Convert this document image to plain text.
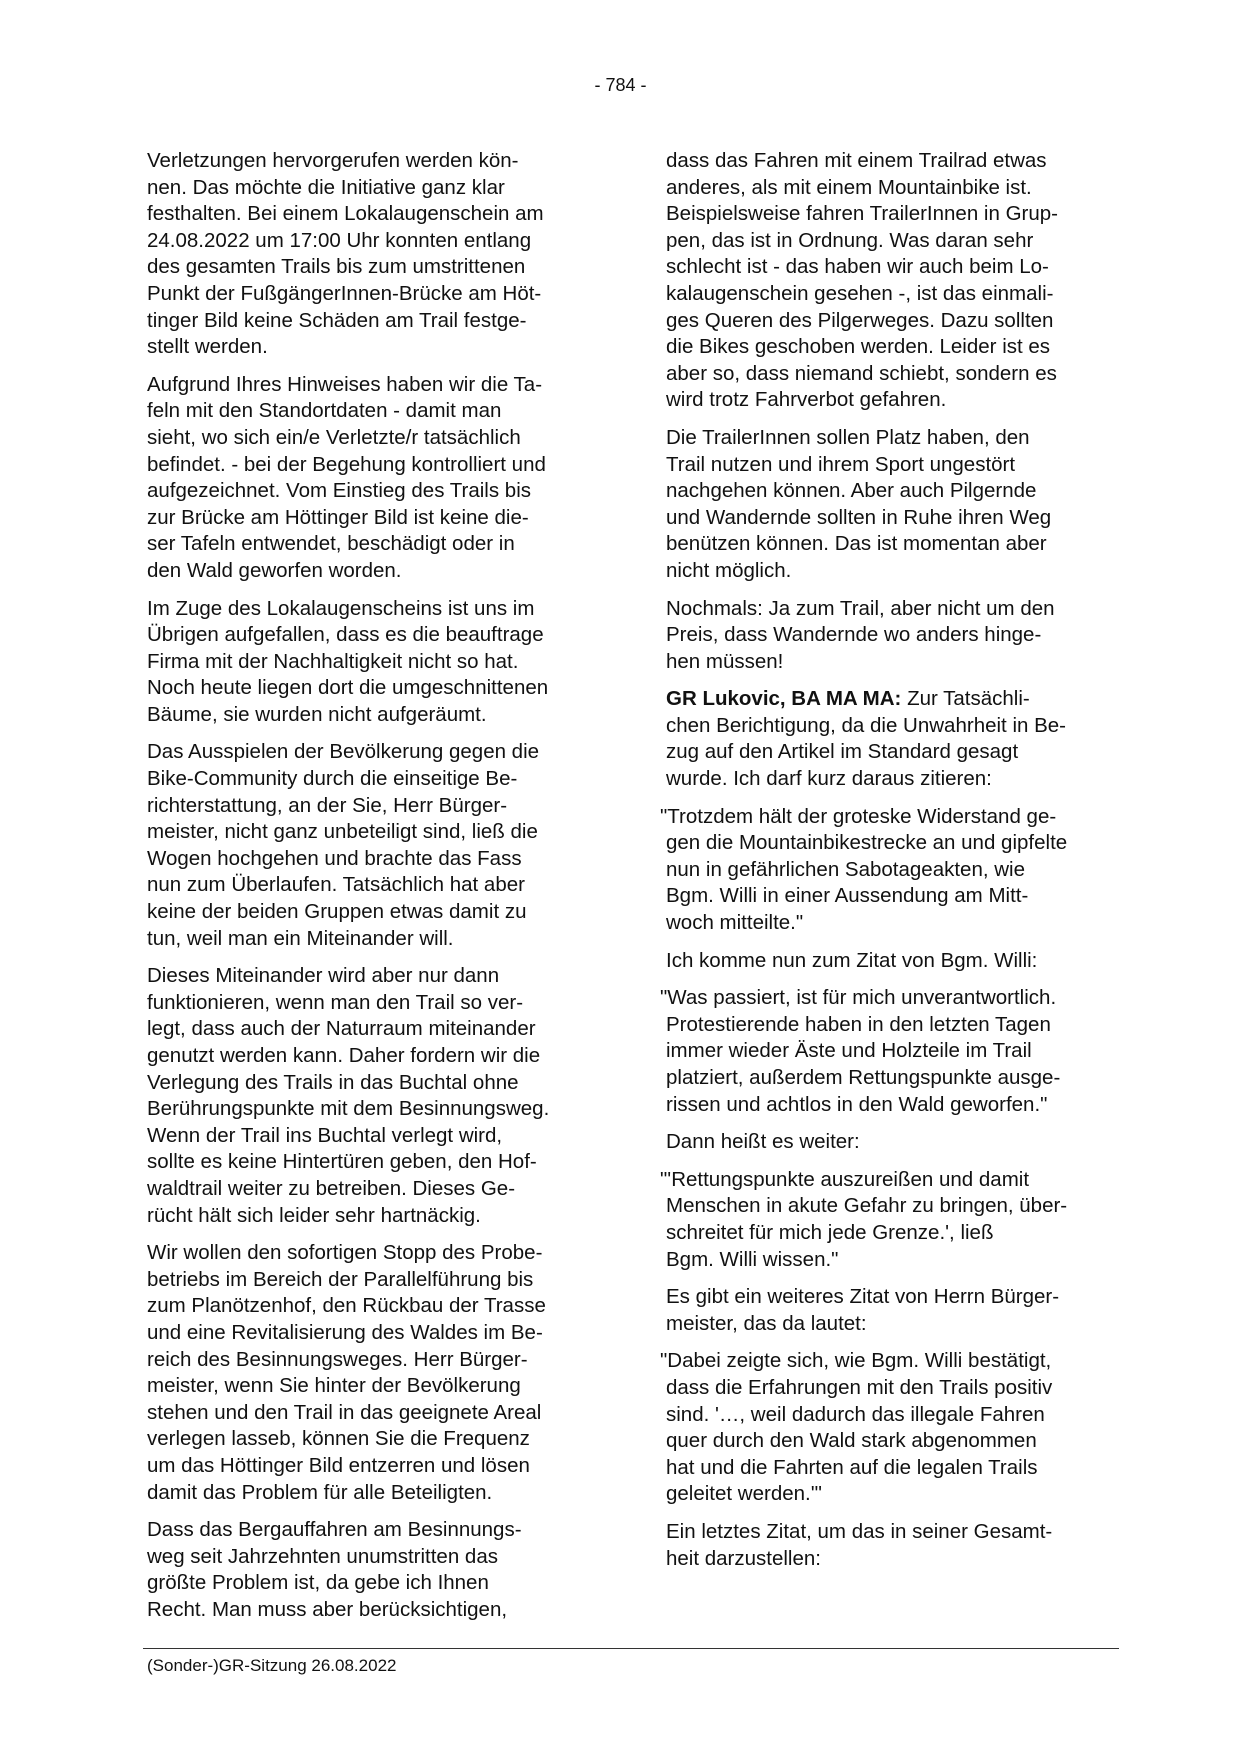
- 784 -

Verletzungen hervorgerufen werden kön-
nen. Das möchte die Initiative ganz klar
festhalten. Bei einem Lokalaugenschein am
24.08.2022 um 17:00 Uhr konnten entlang
des gesamten Trails bis zum umstrittenen
Punkt der FußgängerInnen-Brücke am Höt-
tinger Bild keine Schäden am Trail festge-
stellt werden.

Aufgrund Ihres Hinweises haben wir die Ta-
feln mit den Standortdaten - damit man
sieht, wo sich ein/e Verletzte/r tatsächlich
befindet. - bei der Begehung kontrolliert und
aufgezeichnet. Vom Einstieg des Trails bis
zur Brücke am Höttinger Bild ist keine die-
ser Tafeln entwendet, beschädigt oder in
den Wald geworfen worden.

Im Zuge des Lokalaugenscheins ist uns im
Übrigen aufgefallen, dass es die beauftrage
Firma mit der Nachhaltigkeit nicht so hat.
Noch heute liegen dort die umgeschnittenen
Bäume, sie wurden nicht aufgeräumt.

Das Ausspielen der Bevölkerung gegen die
Bike-Community durch die einseitige Be-
richterstattung, an der Sie, Herr Bürger-
meister, nicht ganz unbeteiligt sind, ließ die
Wogen hochgehen und brachte das Fass
nun zum Überlaufen. Tatsächlich hat aber
keine der beiden Gruppen etwas damit zu
tun, weil man ein Miteinander will.

Dieses Miteinander wird aber nur dann
funktionieren, wenn man den Trail so ver-
legt, dass auch der Naturraum miteinander
genutzt werden kann. Daher fordern wir die
Verlegung des Trails in das Buchtal ohne
Berührungspunkte mit dem Besinnungsweg.
Wenn der Trail ins Buchtal verlegt wird,
sollte es keine Hintertüren geben, den Hof-
waldtrail weiter zu betreiben. Dieses Ge-
rücht hält sich leider sehr hartnäckig.

Wir wollen den sofortigen Stopp des Probe-
betriebs im Bereich der Parallelführung bis
zum Planötzenhof, den Rückbau der Trasse
und eine Revitalisierung des Waldes im Be-
reich des Besinnungsweges. Herr Bürger-
meister, wenn Sie hinter der Bevölkerung
stehen und den Trail in das geeignete Areal
verlegen lasseb, können Sie die Frequenz
um das Höttinger Bild entzerren und lösen
damit das Problem für alle Beteiligten.

Dass das Bergauffahren am Besinnungs-
weg seit Jahrzehnten unumstritten das
größte Problem ist, da gebe ich Ihnen
Recht. Man muss aber berücksichtigen,

dass das Fahren mit einem Trailrad etwas
anderes, als mit einem Mountainbike ist.
Beispielsweise fahren TrailerInnen in Grup-
pen, das ist in Ordnung. Was daran sehr
schlecht ist - das haben wir auch beim Lo-
kalaugenschein gesehen -, ist das einmali-
ges Queren des Pilgerweges. Dazu sollten
die Bikes geschoben werden. Leider ist es
aber so, dass niemand schiebt, sondern es
wird trotz Fahrverbot gefahren.

Die TrailerInnen sollen Platz haben, den
Trail nutzen und ihrem Sport ungestört
nachgehen können. Aber auch Pilgernde
und Wandernde sollten in Ruhe ihren Weg
benützen können. Das ist momentan aber
nicht möglich.

Nochmals: Ja zum Trail, aber nicht um den
Preis, dass Wandernde wo anders hinge-
hen müssen!

GR Lukovic, BA MA MA: Zur Tatsächli-
chen Berichtigung, da die Unwahrheit in Be-
zug auf den Artikel im Standard gesagt
wurde. Ich darf kurz daraus zitieren:

"Trotzdem hält der groteske Widerstand ge-
gen die Mountainbikestrecke an und gipfelte
nun in gefährlichen Sabotageakten, wie
Bgm. Willi in einer Aussendung am Mitt-
woch mitteilte."

Ich komme nun zum Zitat von Bgm. Willi:

"Was passiert, ist für mich unverantwortlich.
Protestierende haben in den letzten Tagen
immer wieder Äste und Holzteile im Trail
platziert, außerdem Rettungspunkte ausge-
rissen und achtlos in den Wald geworfen."

Dann heißt es weiter:

"'Rettungspunkte auszureißen und damit
Menschen in akute Gefahr zu bringen, über-
schreitet für mich jede Grenze.', ließ
Bgm. Willi wissen."

Es gibt ein weiteres Zitat von Herrn Bürger-
meister, das da lautet:

"Dabei zeigte sich, wie Bgm. Willi bestätigt,
dass die Erfahrungen mit den Trails positiv
sind. '…, weil dadurch das illegale Fahren
quer durch den Wald stark abgenommen
hat und die Fahrten auf die legalen Trails
geleitet werden.'"

Ein letztes Zitat, um das in seiner Gesamt-
heit darzustellen:

(Sonder-)GR-Sitzung 26.08.2022
